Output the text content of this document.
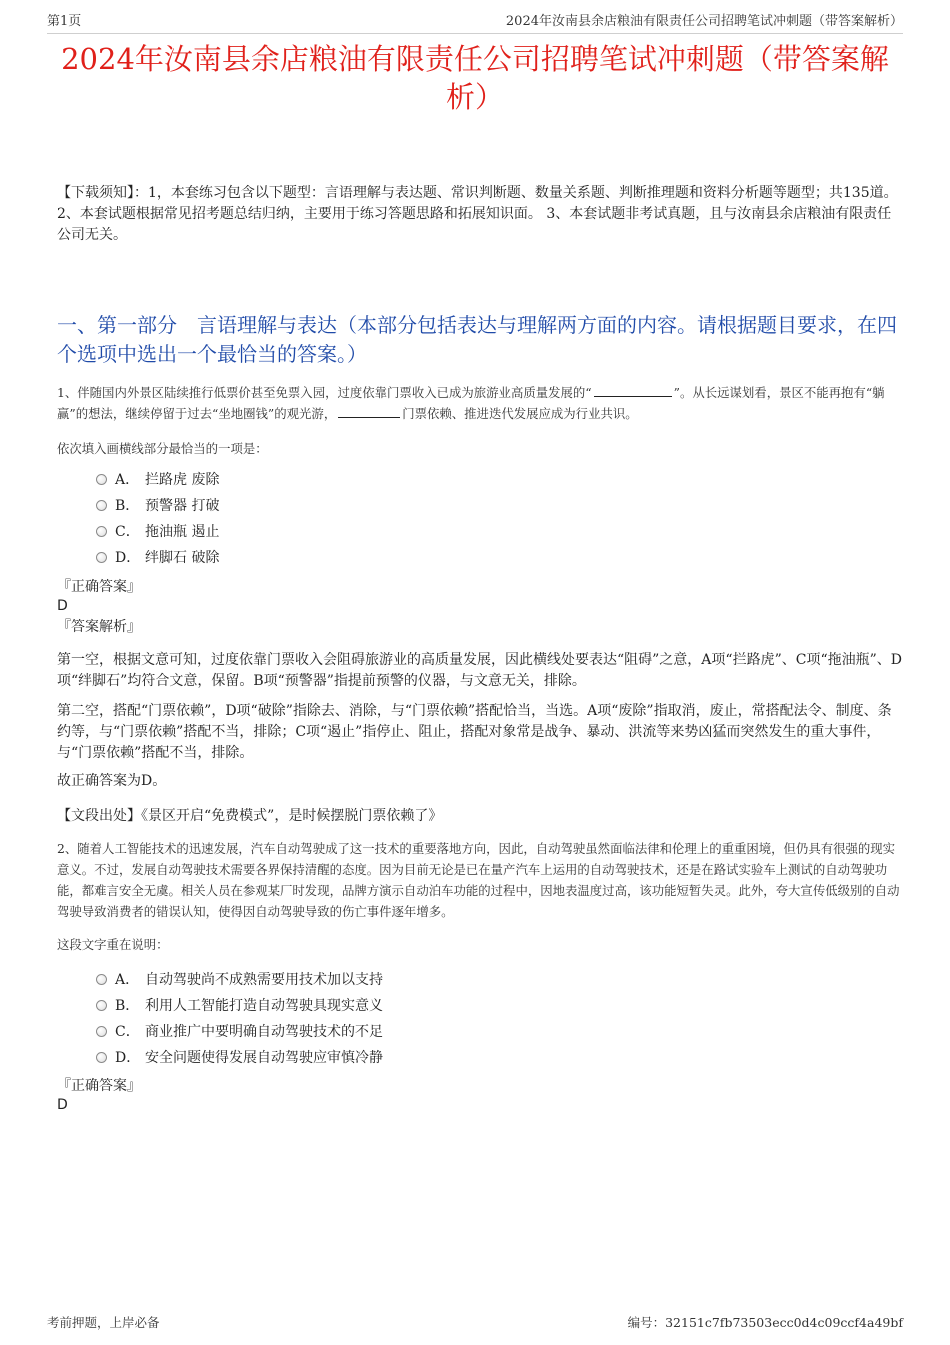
第1页	2024年汝南县余店粮油有限责任公司招聘笔试冲刺题（带答案解析）
2024年汝南县余店粮油有限责任公司招聘笔试冲刺题（带答案解析）
【下载须知】：1，本套练习包含以下题型：言语理解与表达题、常识判断题、数量关系题、判断推理题和资料分析题等题型；共135道。 2、本套试题根据常见招考题总结归纳，主要用于练习答题思路和拓展知识面。 3、本套试题非考试真题，且与汝南县余店粮油有限责任公司无关。
一、第一部分　言语理解与表达（本部分包括表达与理解两方面的内容。请根据题目要求，在四个选项中选出一个最恰当的答案。）
1、伴随国内外景区陆续推行低票价甚至免票入园，过度依靠门票收入已成为旅游业高质量发展的“	”。从长远谋划看，景区不能再抱有“躺赢”的想法，继续停留于过去“坐地圈钱”的观光游，	门票依赖、推进迭代发展应成为行业共识。
依次填入画横线部分最恰当的一项是：
A． 拦路虎 废除
B． 预警器 打破
C． 拖油瓶 遏止
D． 绊脚石 破除
『正确答案』
D
『答案解析』
第一空，根据文意可知，过度依靠门票收入会阻碍旅游业的高质量发展，因此横线处要表达“阻碍”之意，A项“拦路虎”、C项“拖油瓶”、D项“绊脚石”均符合文意，保留。B项“预警器”指提前预警的仪器，与文意无关，排除。
第二空，搭配“门票依赖”，D项“破除”指除去、消除，与“门票依赖”搭配恰当，当选。A项“废除”指取消，废止，常搭配法令、制度、条约等，与“门票依赖”搭配不当，排除；C项“遏止”指停止、阻止，搭配对象常是战争、暴动、洪流等来势凶猛而突然发生的重大事件，与“门票依赖”搭配不当，排除。
故正确答案为D。
【文段出处】《景区开启“免费模式”，是时候摆脱门票依赖了》
2、随着人工智能技术的迅速发展，汽车自动驾驶成了这一技术的重要落地方向，因此，自动驾驶虽然面临法律和伦理上的重重困境，但仍具有很强的现实意义。不过，发展自动驾驶技术需要各界保持清醒的态度。因为目前无论是已在量产汽车上运用的自动驾驶技术，还是在路试实验车上测试的自动驾驶功能，都难言安全无虞。相关人员在参观某厂时发现，品牌方演示自动泊车功能的过程中，因地表温度过高，该功能短暂失灵。此外，夸大宣传低级别的自动驾驶导致消费者的错误认知，使得因自动驾驶导致的伤亡事件逐年增多。
这段文字重在说明：
A． 自动驾驶尚不成熟需要用技术加以支持
B． 利用人工智能打造自动驾驶具现实意义
C． 商业推广中要明确自动驾驶技术的不足
D． 安全问题使得发展自动驾驶应审慎冷静
『正确答案』
D
考前押题，上岸必备	编号：32151c7fb73503ecc0d4c09ccf4a49bf
